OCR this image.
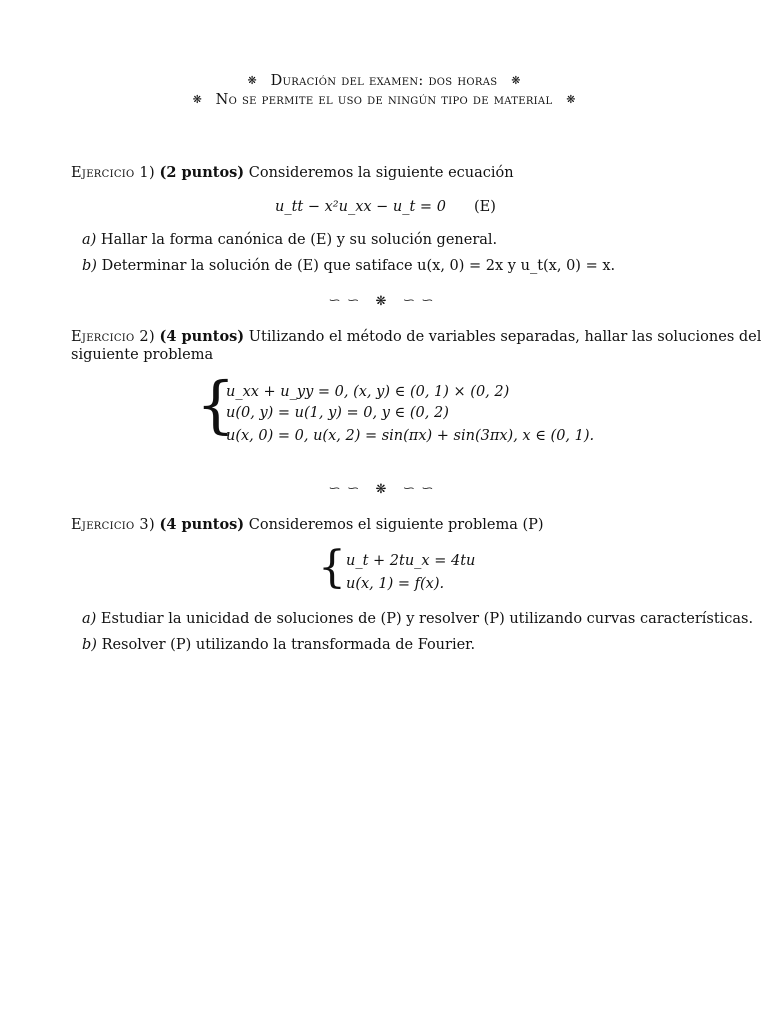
❋ Duración del examen: dos horas ❋
❋ No se permite el uso de ningún tipo de material ❋
Ejercicio 1) (2 puntos) Consideremos la siguiente ecuación
u_tt − x²u_xx − u_t = 0 (E)
a) Hallar la forma canónica de (E) y su solución general.
b) Determinar la solución de (E) que satiface u(x, 0) = 2x y u_t(x, 0) = x.
∽∽ ❋ ∽∽
Ejercicio 2) (4 puntos) Utilizando el método de variables separadas, hallar las soluciones del
siguiente problema
{
u_xx + u_yy = 0, (x, y) ∈ (0, 1) × (0, 2)
u(0, y) = u(1, y) = 0, y ∈ (0, 2)
u(x, 0) = 0, u(x, 2) = sin(πx) + sin(3πx), x ∈ (0, 1).
∽∽ ❋ ∽∽
Ejercicio 3) (4 puntos) Consideremos el siguiente problema (P)
{ u_t + 2tu_x = 4tu
u(x, 1) = f(x).
a) Estudiar la unicidad de soluciones de (P) y resolver (P) utilizando curvas características.
b) Resolver (P) utilizando la transformada de Fourier.
